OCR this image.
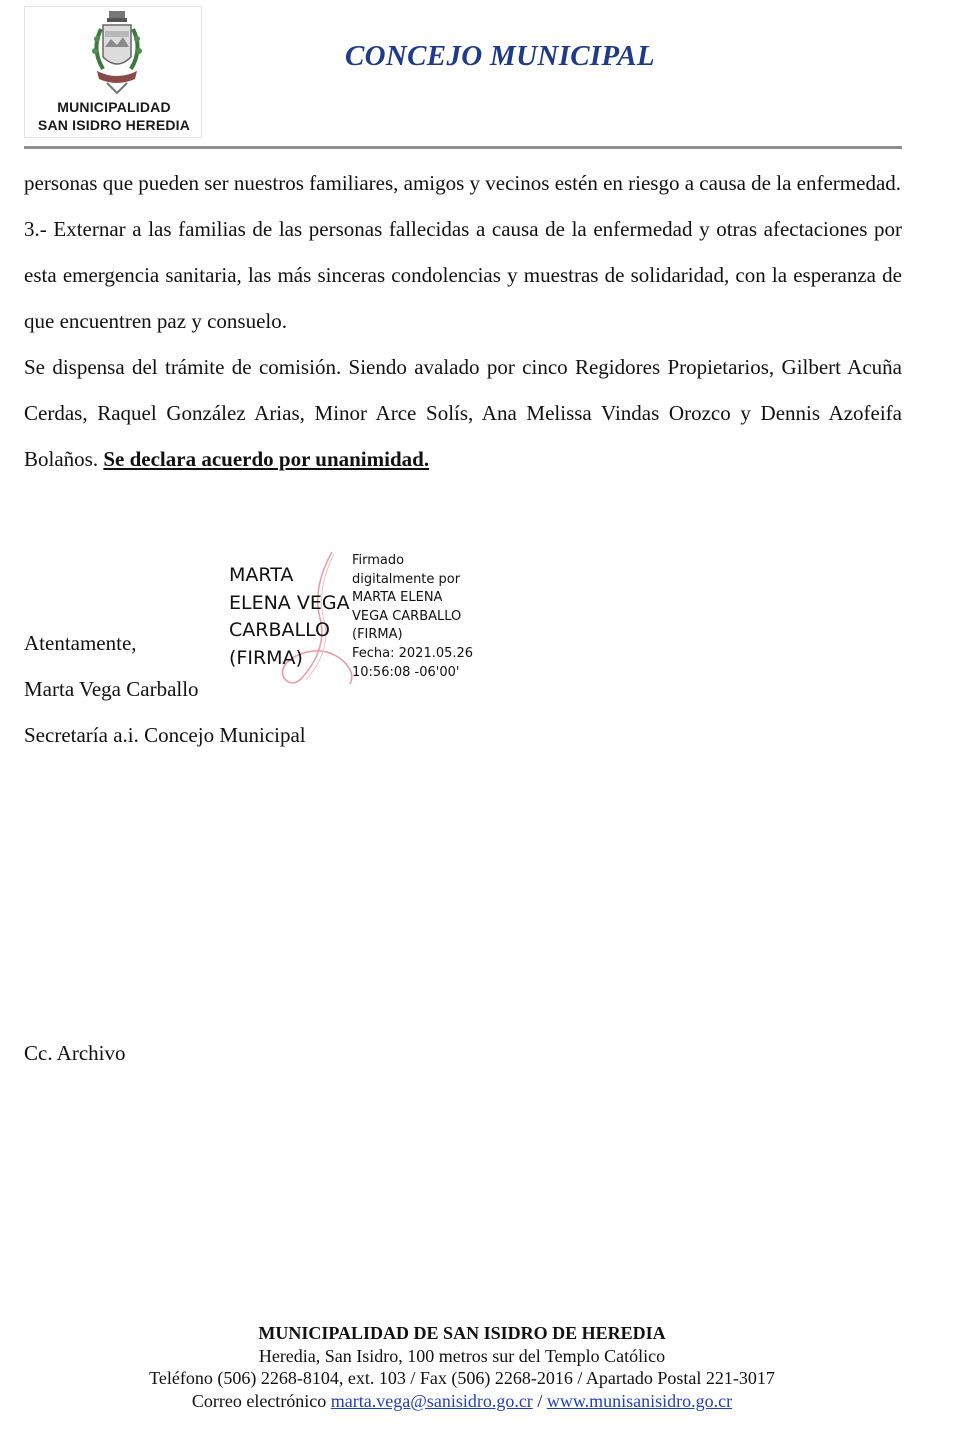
MUNICIPALIDAD
SAN ISIDRO HEREDIA
CONCEJO MUNICIPAL

personas que pueden ser nuestros familiares, amigos y vecinos estén en riesgo a causa de la enfermedad.

3.- Externar a las familias de las personas fallecidas a causa de la enfermedad y otras afectaciones por esta emergencia sanitaria, las más sinceras condolencias y muestras de solidaridad, con la esperanza de que encuentren paz y consuelo.

Se dispensa del trámite de comisión. Siendo avalado por cinco Regidores Propietarios, Gilbert Acuña Cerdas, Raquel González Arias, Minor Arce Solís, Ana Melissa Vindas Orozco y Dennis Azofeifa Bolaños. Se declara acuerdo por unanimidad.

Atentamente,
Marta Vega Carballo
Secretaría a.i. Concejo Municipal
MARTA
ELENA VEGA
CARBALLO
(FIRMA)
Firmado
digitalmente por
MARTA ELENA
VEGA CARBALLO
(FIRMA)
Fecha: 2021.05.26
10:56:08 -06'00'
Cc. Archivo
MUNICIPALIDAD DE SAN ISIDRO DE HEREDIA
Heredia, San Isidro, 100 metros sur del Templo Católico
Teléfono (506) 2268-8104, ext. 103 / Fax (506) 2268-2016 / Apartado Postal 221-3017
Correo electrónico marta.vega@sanisidro.go.cr / www.munisanisidro.go.cr
